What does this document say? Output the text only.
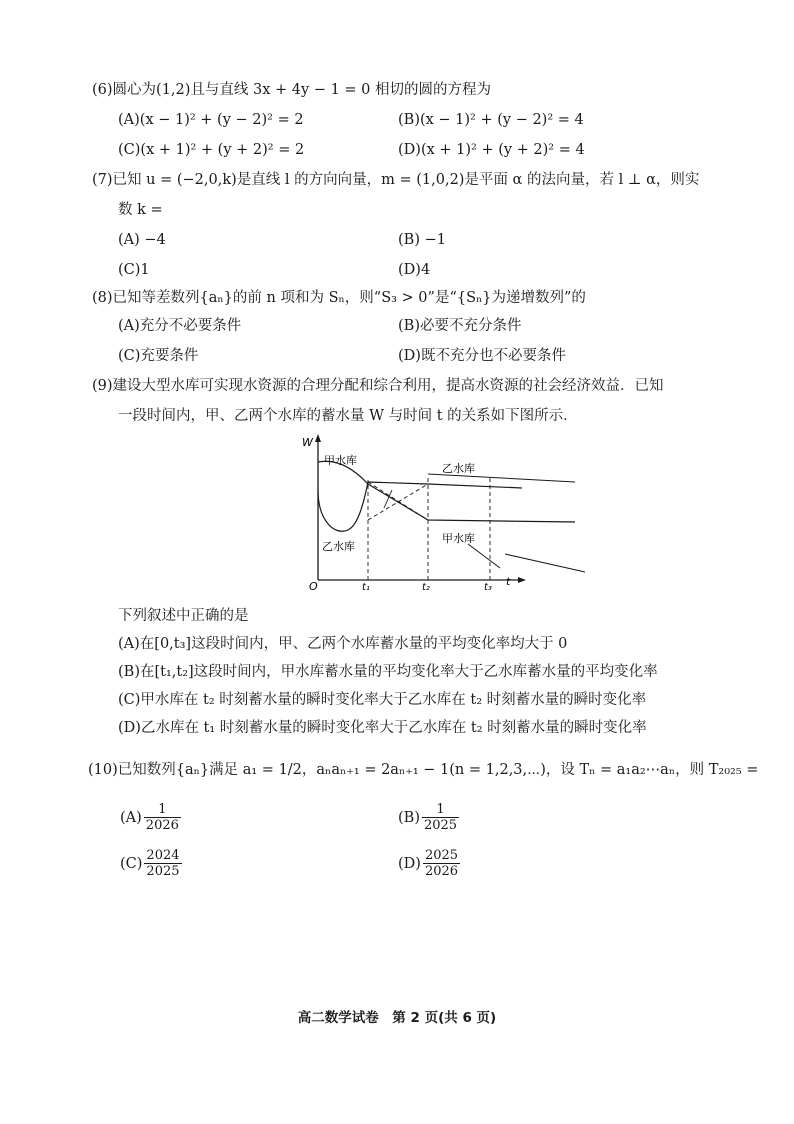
(6)圆心为(1,2)且与直线 3x + 4y − 1 = 0 相切的圆的方程为
(A)(x − 1)² + (y − 2)² = 2	(B)(x − 1)² + (y − 2)² = 4
(C)(x + 1)² + (y + 2)² = 2	(D)(x + 1)² + (y + 2)² = 4
(7)已知 u = (−2,0,k)是直线 l 的方向向量，m = (1,0,2)是平面 α 的法向量，若 l ⊥ α，则实
数 k =
(A) −4	(B) −1
(C)1	(D)4
(8)已知等差数列{aₙ}的前 n 项和为 Sₙ，则“S₃ > 0”是“{Sₙ}为递增数列”的
(A)充分不必要条件	(B)必要不充分条件
(C)充要条件	(D)既不充分也不必要条件
(9)建设大型水库可实现水资源的合理分配和综合利用，提高水资源的社会经济效益．已知
一段时间内，甲、乙两个水库的蓄水量 W 与时间 t 的关系如下图所示．
W
t
O	t₁	t₂	t₃
甲水库
乙水库
乙水库
甲水库
下列叙述中正确的是
(A)在[0,t₃]这段时间内，甲、乙两个水库蓄水量的平均变化率均大于 0
(B)在[t₁,t₂]这段时间内，甲水库蓄水量的平均变化率大于乙水库蓄水量的平均变化率
(C)甲水库在 t₂ 时刻蓄水量的瞬时变化率大于乙水库在 t₂ 时刻蓄水量的瞬时变化率
(D)乙水库在 t₁ 时刻蓄水量的瞬时变化率大于乙水库在 t₂ 时刻蓄水量的瞬时变化率
(10)已知数列{aₙ}满足 a₁ = 1/2，aₙaₙ₊₁ = 2aₙ₊₁ − 1(n = 1,2,3,⋯)，设 Tₙ = a₁a₂⋯aₙ，则 T₂₀₂₅ =
$(A) \frac{1}{2026}$	$(B) \frac{1}{2025}$
$(C) \frac{2024}{2025}$	$(D) \frac{2025}{2026}$
高二数学试卷　第 2 页(共 6 页)
